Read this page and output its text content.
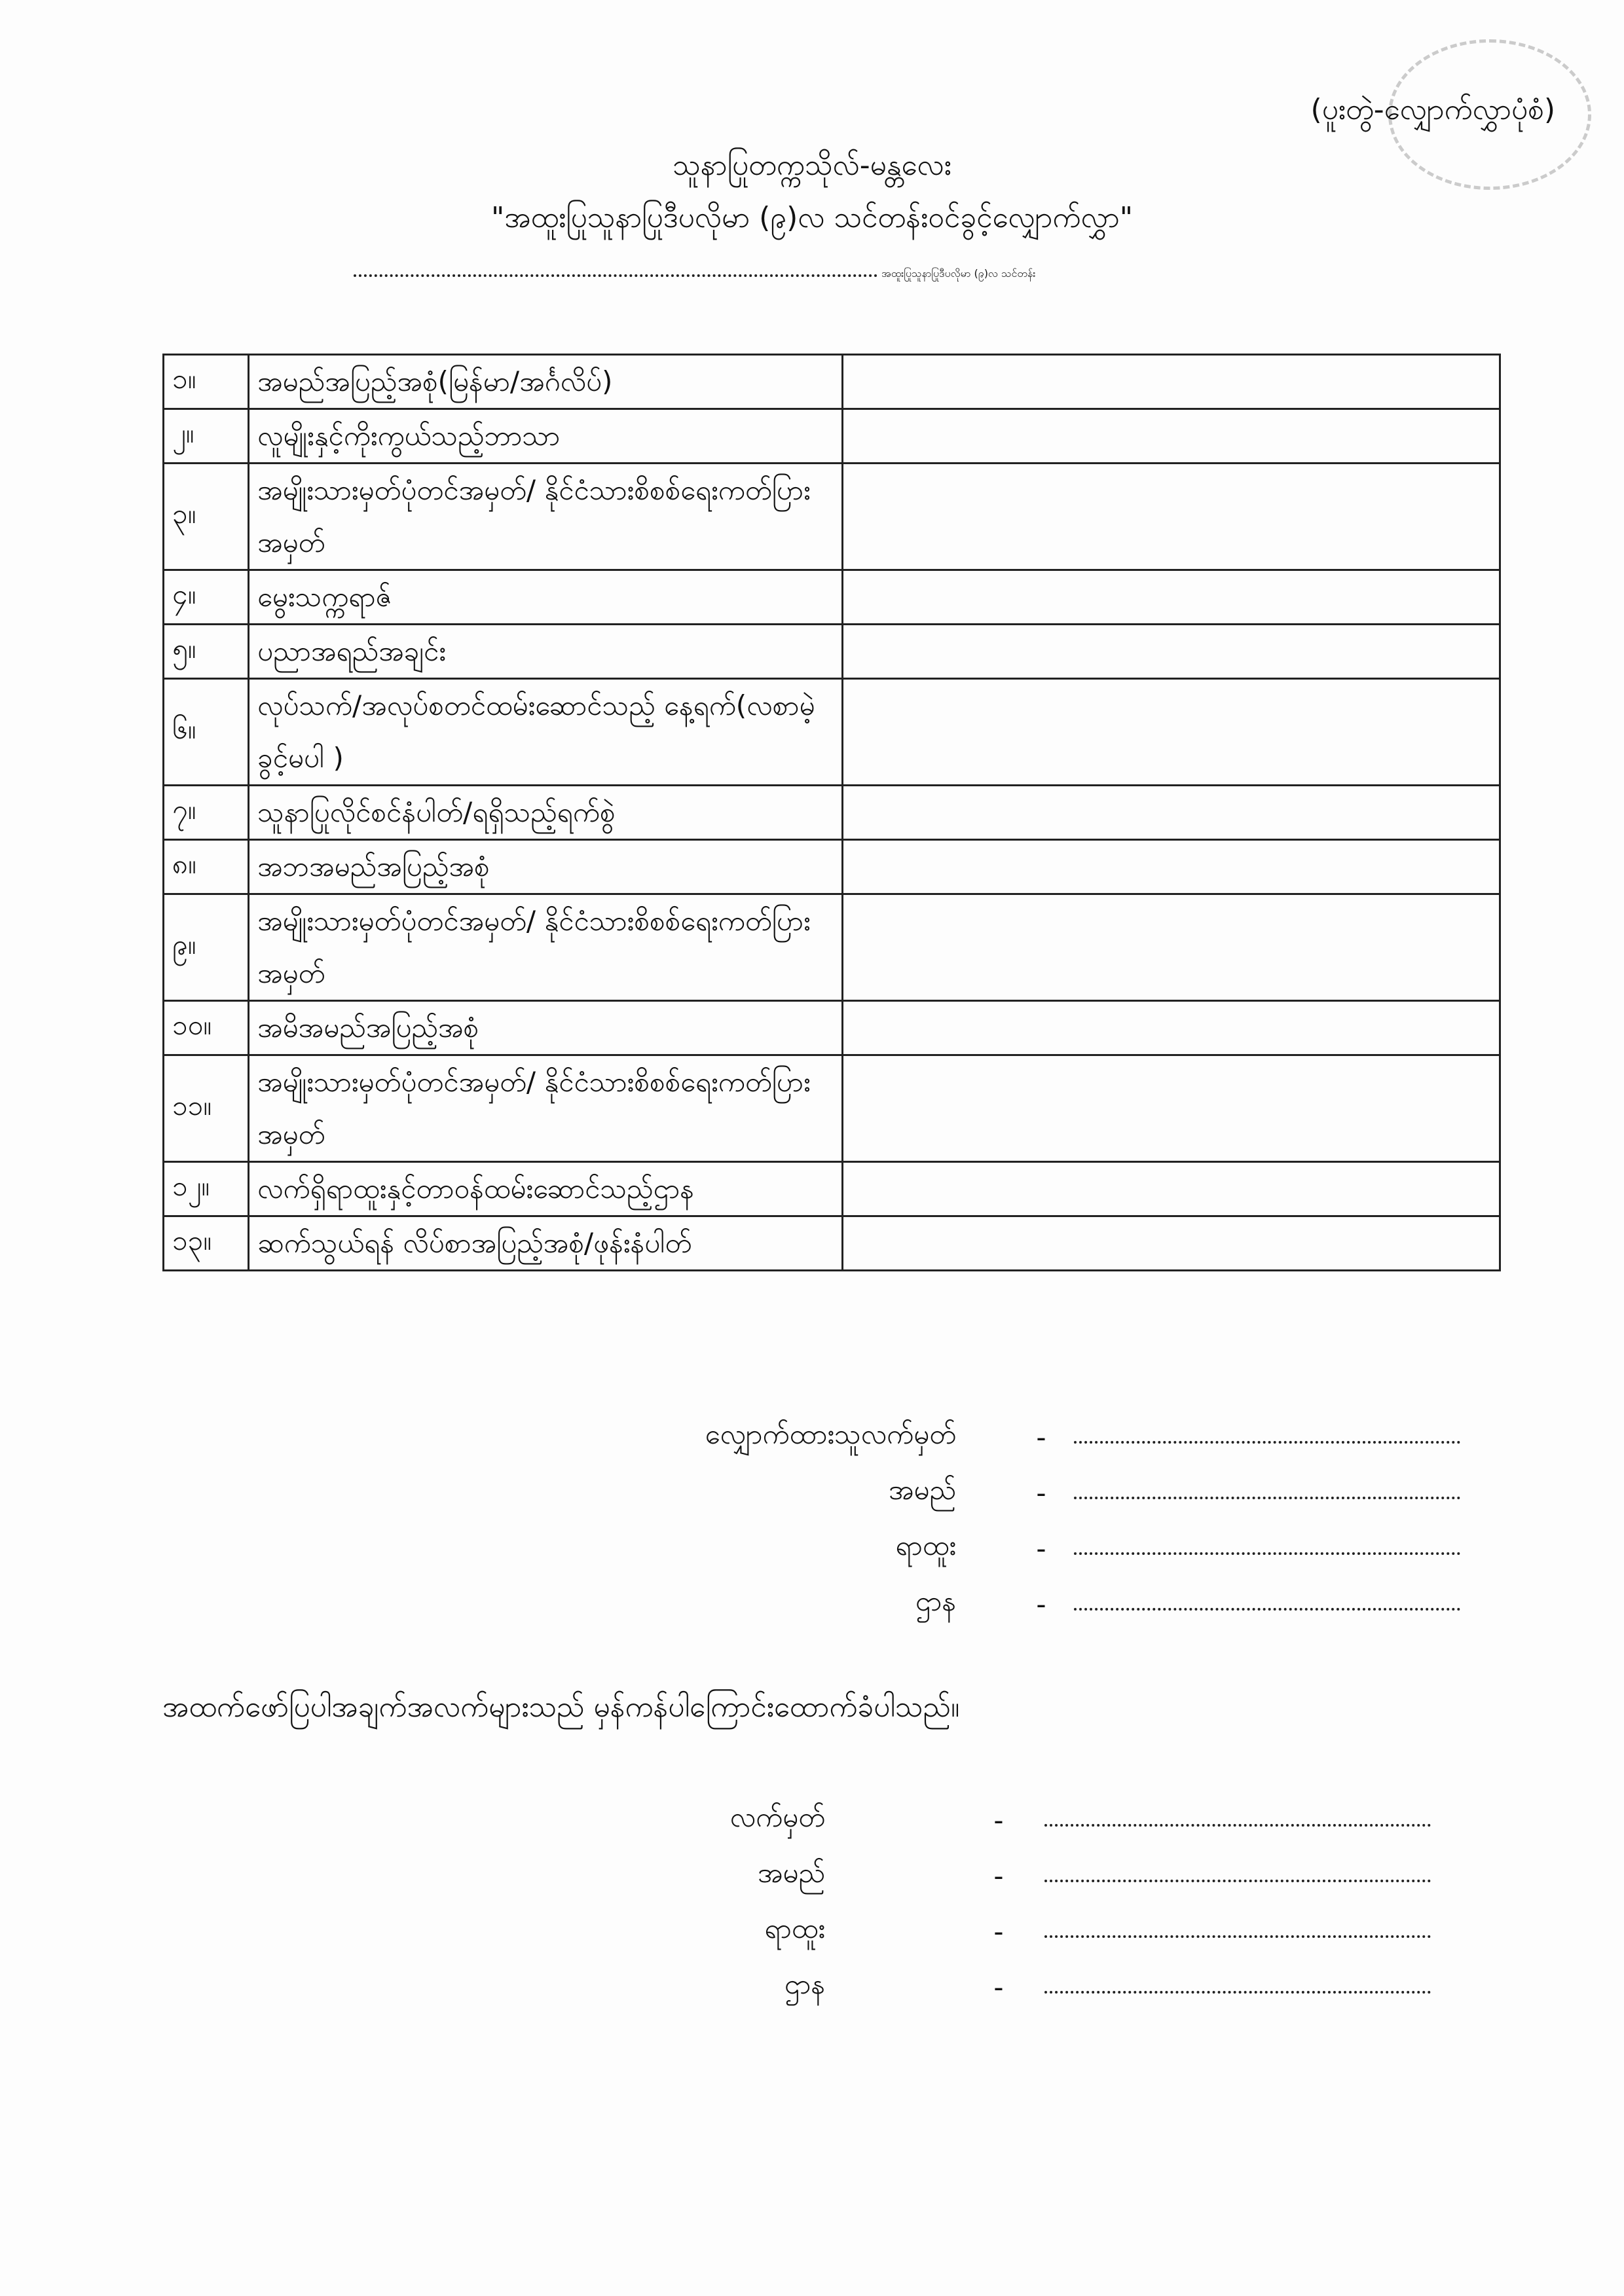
(ပူးတွဲ-လျှောက်လွှာပုံစံ)
သူနာပြုတက္ကသိုလ်-မန္တလေး
"အထူးပြုသူနာပြုဒီပလိုမာ (၉)လ သင်တန်းဝင်ခွင့်လျှောက်လွှာ"
အထူးပြုသူနာပြုဒီပလိုမာ (၉)လ သင်တန်း
၁။	အမည်အပြည့်အစုံ(မြန်မာ/အင်္ဂလိပ်)	
၂။	လူမျိုးနှင့်ကိုးကွယ်သည့်ဘာသာ	
၃။	အမျိုးသားမှတ်ပုံတင်အမှတ်/ နိုင်ငံသားစိစစ်ရေးကတ်ပြားအမှတ်	
၄။	မွေးသက္ကရာဇ်	
၅။	ပညာအရည်အချင်း	
၆။	လုပ်သက်/အလုပ်စတင်ထမ်းဆောင်သည့် နေ့ရက်(လစာမဲ့ခွင့်မပါ )	
၇။	သူနာပြုလိုင်စင်နံပါတ်/ရရှိသည့်ရက်စွဲ	
၈။	အဘအမည်အပြည့်အစုံ	
၉။	အမျိုးသားမှတ်ပုံတင်အမှတ်/ နိုင်ငံသားစိစစ်ရေးကတ်ပြားအမှတ်	
၁၀။	အမိအမည်အပြည့်အစုံ	
၁၁။	အမျိုးသားမှတ်ပုံတင်အမှတ်/ နိုင်ငံသားစိစစ်ရေးကတ်ပြားအမှတ်	
၁၂။	လက်ရှိရာထူးနှင့်တာဝန်ထမ်းဆောင်သည့်ဌာန	
၁၃။	ဆက်သွယ်ရန် လိပ်စာအပြည့်အစုံ/ဖုန်းနံပါတ်	
လျှောက်ထားသူလက်မှတ်	-
အမည်	-
ရာထူး	-
ဌာန	-
အထက်ဖော်ပြပါအချက်အလက်များသည် မှန်ကန်ပါကြောင်းထောက်ခံပါသည်။
လက်မှတ်	-
အမည်	-
ရာထူး	-
ဌာန	-
